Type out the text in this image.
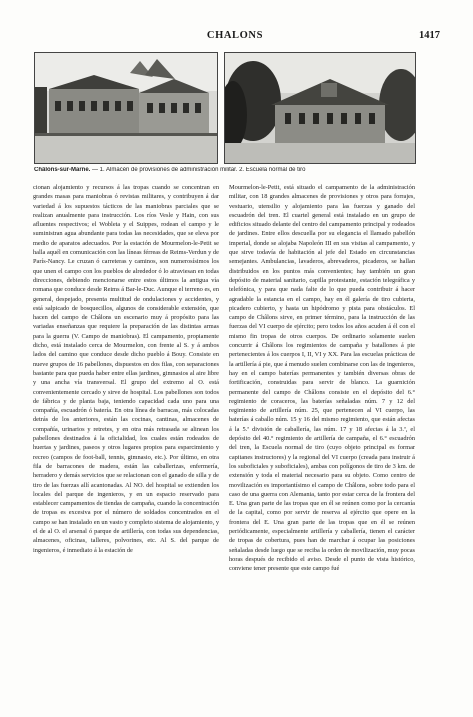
CHALONS	1417
Châlons-sur-Marne. — 1. Almacén de provisiones de administración militar. 2. Escuela normal de tiro

cionan alojamiento y recursos á las tropas cuando se concentran en grandes masas para maniobras ó revistas militares, y contribuyen á dar variedad á los supuestos tácticos de las maniobras parciales que se realizan anualmente para instrucción. Los ríos Vesle y Hain, con sus afluentes respectivos; el Wobleta y el Suippes, rodean el campo y le suministran agua abundante para todas las necesidades, que se eleva por medio de aparatos adecuados. Por la estación de Mourmelon-le-Petit se halla aquél en comunicación con las líneas férreas de Reims-Verdun y de París-Nancy. Le cruzan ó carreteras y caminos, son numerosísimos los que unen el campo con los pueblos de alrededor ó lo atraviesan en todas direcciones, debiendo mencionarse entre estos últimos la antigua vía romana que conduce desde Reims á Bar-le-Duc. Aunque el terreno es, en general, despejado, presenta multitud de ondulaciones y accidentes, y está salpicado de bosquecillos, algunos de considerable extensión, que hacen del campo de Châlons un escenario muy á propósito para las variadas enseñanzas que requiere la preparación de las distintas armas para la guerra (V. Campo de maniobras). El campamento, propiamente dicho, está instalado cerca de Mourmelon, con frente al S. y á ambos lados del camino que conduce desde dicho pueblo á Bouy. Consiste en nueve grupos de 16 pabellones, dispuestos en dos filas, con separaciones bastante para que pueda haber entre ellas jardines, gimnasios al aire libre y una ancha vía transversal. El grupo del extremo al O. está convenientemente cercado y sirve de hospital. Los pabellones son todos de fábrica y de planta baja, teniendo capacidad cada uno para una compañía, escuadrón ó batería. En otra línea de barracas, más colocadas detrás de los anteriores, están las cocinas, cantinas, almacenes de compañía, urinarios y retretes, y en otra más retrasada se alinean los pabellones destinados á la oficialidad, los cuales están rodeados de huertas y jardines, paseos y otros lugares propios para esparcimiento y recreo (campos de foot-ball, tennis, gimnasio, etc.). Por último, en otra fila de barracones de madera, están las caballerizas, enfermería, herradero y demás servicios que se relacionan con el ganado de silla y de tiro de las fuerzas allí acantonadas. Al NO. del hospital se extienden los locales del parque de ingenieros, y en un espacio reservado para establecer campamentos de tiendas de campaña, cuando la concentración de tropas es excesiva por el número de soldados concentrados en el campo se han instalado en un vasto y completo sistema de alojamiento, y el de al O. el arsenal ó parque de artillería, con todas sus dependencias, almacenes, oficinas, talleres, polvorines, etc. Al S. del parque de ingenieros, é inmediato á la estación de

Mourmelon-le-Petit, está situado el campamento de la administración militar, con 18 grandes almacenes de provisiones y otros para forrajes, vestuario, utensilio y alojamiento para las fuerzas y ganado del escuadrón del tren. El cuartel general está instalado en un grupo de edificios situado delante del centro del campamento principal y rodeados de jardines. Entre ellos descuella por su elegancia el llamado pabellón imperial, donde se alojaba Napoleón III en sus visitas al campamento, y que sirve todavía de habitación al jefe del Estado en circunstancias semejantes. Ambulancias, lavaderos, abrevaderos, picaderos, se hallan distribuidos en los puntos más convenientes; hay también un gran depósito de material sanitario, capilla protestante, estación telegráfica y telefónica, y para que nada falte de lo que pueda contribuir á hacer agradable la estancia en el campo, hay en él galería de tiro cubierta, picadero cubierto, y hasta un hipódromo y pista para obstáculos. El campo de Châlons sirve, en primer término, para la instrucción de las fuerzas del VI cuerpo de ejército; pero todos los años acuden á él con el mismo fin tropas de otros cuerpos. De ordinario solamente suelen concurrir á Châlons los regimientos de campaña y batallones á pie pertenecientes á los cuerpos I, II, VI y XX. Para las escuelas prácticas de la artillería á pie, que á menudo suelen combinarse con las de ingenieros, hay en el campo baterías permanentes y también diversas obras de fortificación, construidas para servir de blanco. La guarnición permanente del campo de Châlons consiste en el depósito del 6.° regimiento de coraceros, las baterías señaladas núm. 7 y 12 del regimiento de artillería núm. 25, que pertenecen al VI cuerpo, las baterías á caballo núm. 15 y 16 del mismo regimiento, que están afectas á la 5.ª división de caballería, las núm. 17 y 18 afectas á la 3.ª, el depósito del 40.° regimiento de artillería de campaña, el 6.° escuadrón del tren, la Escuela normal de tiro (cuyo objeto principal es formar capitanes instructores) y la regional del VI cuerpo (creada para instruir á los suboficiales y suboficiales), ambas con polígonos de tiro de 3 km. de extensión y toda el material necesario para su objeto. Como centro de movilización es importantísimo el campo de Châlons, sobre todo para el caso de una guerra con Alemania, tanto por estar cerca de la frontera del E. Una gran parte de las tropas que en él se reúnen como por la cercanía de la capital, como por servir de reserva al ejército que opere en la frontera del E. Una gran parte de las tropas que en él se reúnen periódicamente, especialmente artillería y caballería, tienen el carácter de tropas de cobertura, pues han de marchar á ocupar las posiciones señaladas desde luego que se reciba la orden de movilización, muy pocas horas después de recibido el aviso. Desde el punto de vista histórico, conviene tener presente que este campo fué
